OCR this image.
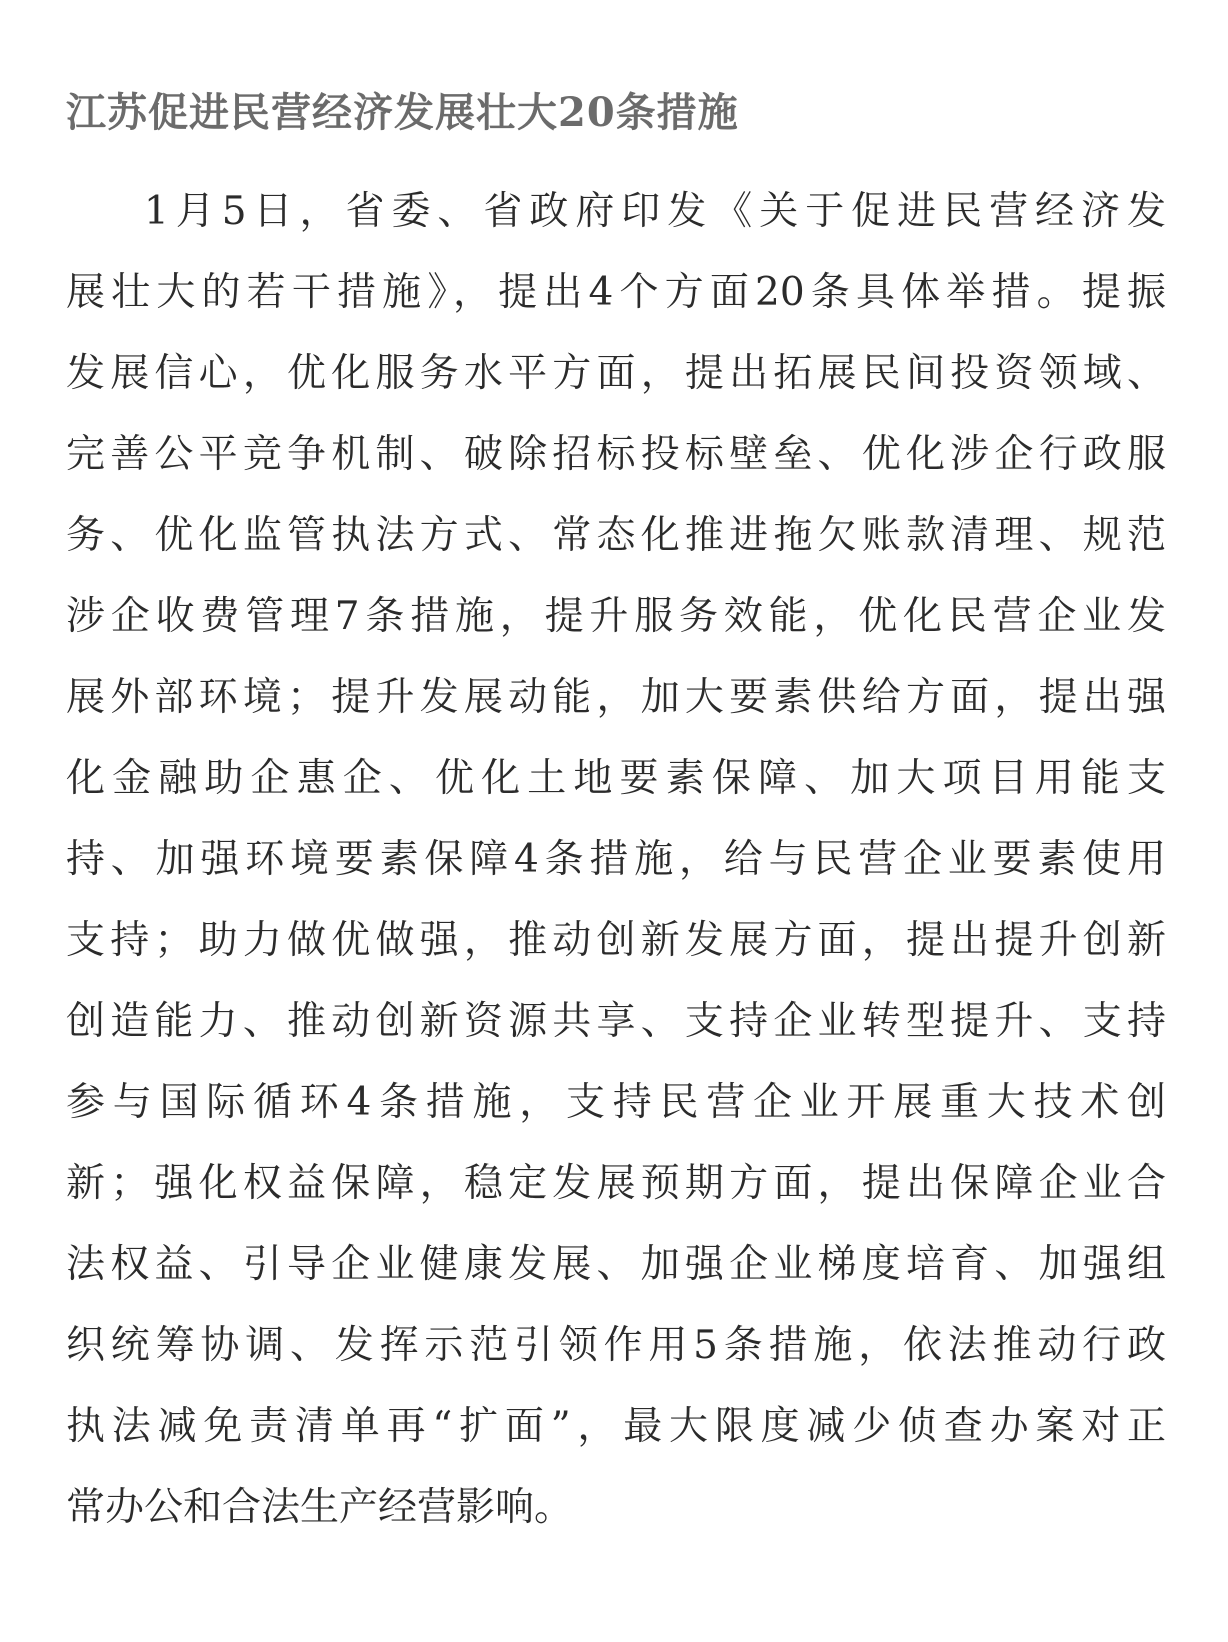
江苏促进民营经济发展壮大20条措施
1月5日，省委、省政府印发《关于促进民营经济发
展壮大的若干措施》，提出4个方面20条具体举措。提振
发展信心，优化服务水平方面，提出拓展民间投资领域、
完善公平竞争机制、破除招标投标壁垒、优化涉企行政服
务、优化监管执法方式、常态化推进拖欠账款清理、规范
涉企收费管理7条措施，提升服务效能，优化民营企业发
展外部环境；提升发展动能，加大要素供给方面，提出强
化金融助企惠企、优化土地要素保障、加大项目用能支
持、加强环境要素保障4条措施，给与民营企业要素使用
支持；助力做优做强，推动创新发展方面，提出提升创新
创造能力、推动创新资源共享、支持企业转型提升、支持
参与国际循环4条措施，支持民营企业开展重大技术创
新；强化权益保障，稳定发展预期方面，提出保障企业合
法权益、引导企业健康发展、加强企业梯度培育、加强组
织统筹协调、发挥示范引领作用5条措施，依法推动行政
执法减免责清单再“扩面”，最大限度减少侦查办案对正
常办公和合法生产经营影响。
